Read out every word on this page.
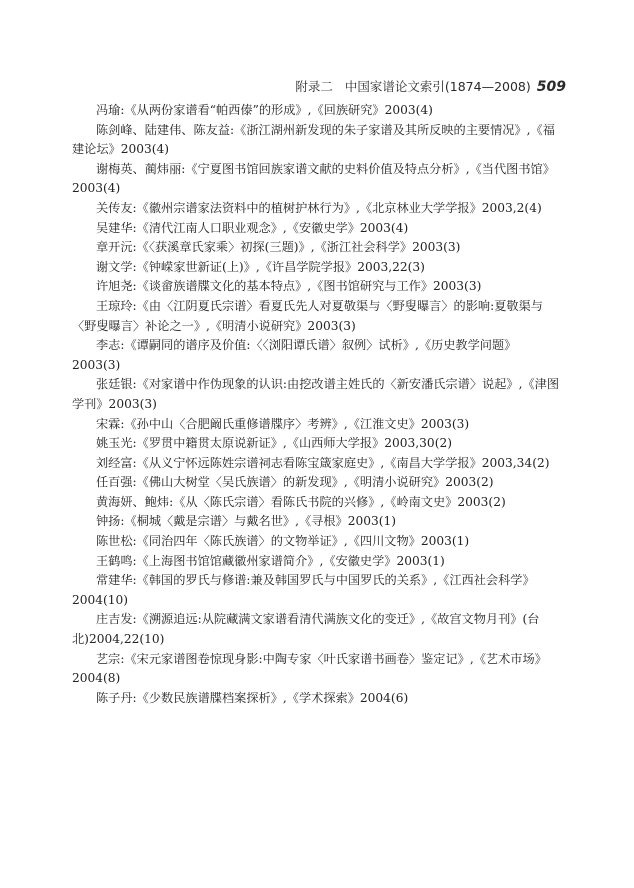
附录二 中国家谱论文索引(1874—2008) 509

冯瑜:《从两份家谱看“帕西傣”的形成》,《回族研究》2003(4)

陈剑峰、陆建伟、陈友益:《浙江湖州新发现的朱子家谱及其所反映的主要情况》,《福建论坛》2003(4)

谢梅英、蔺炜丽:《宁夏图书馆回族家谱文献的史料价值及特点分析》,《当代图书馆》2003(4)

关传友:《徽州宗谱家法资料中的植树护林行为》,《北京林业大学学报》2003,2(4)

吴建华:《清代江南人口职业观念》,《安徽史学》2003(4)

章开沅:《〈获溪章氏家乘〉初探(三题)》,《浙江社会科学》2003(3)

谢文学:《钟嵘家世新证(上)》,《许昌学院学报》2003,22(3)

许旭尧:《谈畲族谱牒文化的基本特点》,《图书馆研究与工作》2003(3)

王琼玲:《由〈江阴夏氏宗谱〉看夏氏先人对夏敬渠与〈野叟曝言〉的影响:夏敬渠与〈野叟曝言〉补论之一》,《明清小说研究》2003(3)

李志:《谭嗣同的谱序及价值:〈〈浏阳谭氏谱〉叙例〉试析》,《历史教学问题》2003(3)

张廷银:《对家谱中作伪现象的认识:由挖改谱主姓氏的〈新安潘氏宗谱〉说起》,《津图学刊》2003(3)

宋霖:《孙中山〈合肥阚氏重修谱牒序〉考辨》,《江淮文史》2003(3)

姚玉光:《罗贯中籍贯太原说新证》,《山西师大学报》2003,30(2)

刘经富:《从义宁怀远陈姓宗谱祠志看陈宝箴家庭史》,《南昌大学学报》2003,34(2)

任百强:《佛山大树堂〈吴氏族谱〉的新发现》,《明清小说研究》2003(2)

黄海妍、鲍炜:《从〈陈氏宗谱〉看陈氏书院的兴修》,《岭南文史》2003(2)

钟扬:《桐城〈戴是宗谱〉与戴名世》,《寻根》2003(1)

陈世松:《同治四年〈陈氏族谱〉的文物举证》,《四川文物》2003(1)

王鹤鸣:《上海图书馆馆藏徽州家谱简介》,《安徽史学》2003(1)

常建华:《韩国的罗氏与修谱:兼及韩国罗氏与中国罗氏的关系》,《江西社会科学》2004(10)

庄吉发:《溯源追远:从院藏满文家谱看清代满族文化的变迁》,《故宫文物月刊》(台北)2004,22(10)

艺宗:《宋元家谱图卷惊现身影:中陶专家〈叶氏家谱书画卷〉鉴定记》,《艺术市场》2004(8)

陈子丹:《少数民族谱牒档案探析》,《学术探索》2004(6)
